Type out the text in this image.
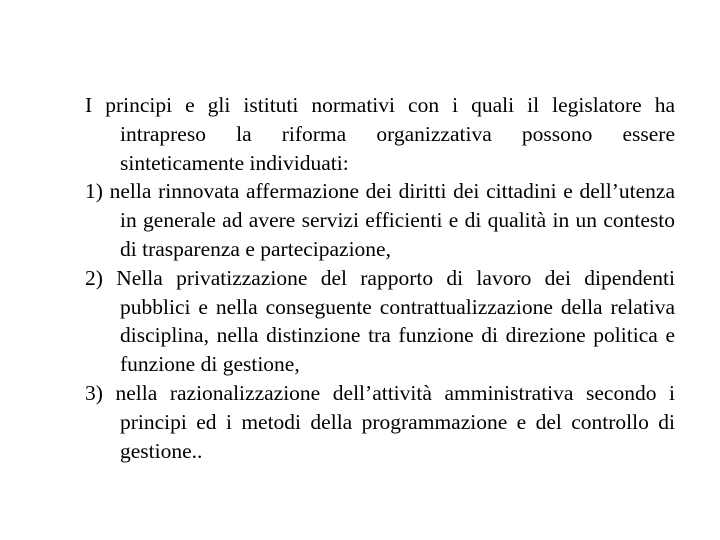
I principi e gli istituti normativi con i quali il legislatore ha intrapreso la riforma organizzativa possono essere sinteticamente individuati:

1) nella rinnovata affermazione dei diritti dei cittadini e dell’utenza in generale ad avere servizi efficienti e di qualità in un contesto di trasparenza e partecipazione,

2) Nella privatizzazione del rapporto di lavoro dei dipendenti pubblici e nella conseguente contrattualizzazione della relativa disciplina, nella distinzione tra funzione di direzione politica e funzione di gestione,

3) nella razionalizzazione dell’attività amministrativa secondo i principi ed i metodi della programmazione e del controllo di gestione..
